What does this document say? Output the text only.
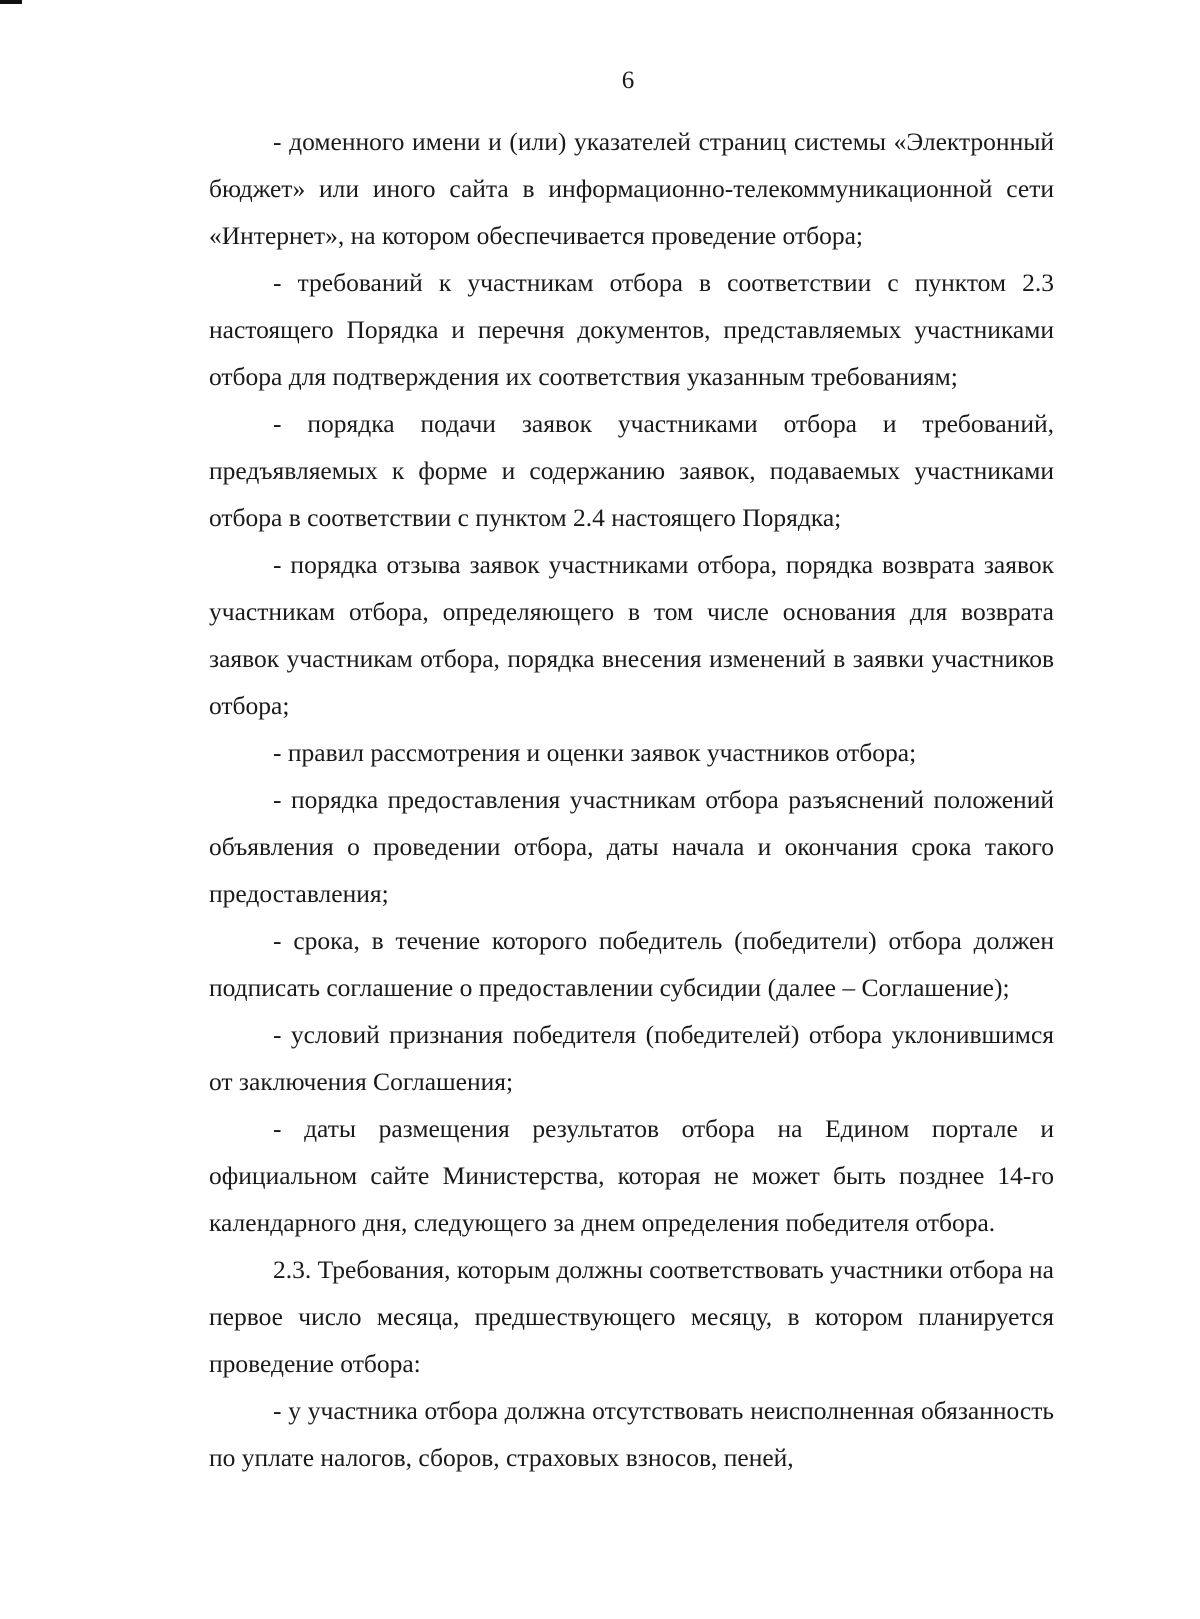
6

- доменного имени и (или) указателей страниц системы «Электронный бюджет» или иного сайта в информационно-телекоммуникационной сети «Интернет», на котором обеспечивается проведение отбора;

- требований к участникам отбора в соответствии с пунктом 2.3 настоящего Порядка и перечня документов, представляемых участниками отбора для подтверждения их соответствия указанным требованиям;

- порядка подачи заявок участниками отбора и требований, предъявляемых к форме и содержанию заявок, подаваемых участниками отбора в соответствии с пунктом 2.4 настоящего Порядка;

- порядка отзыва заявок участниками отбора, порядка возврата заявок участникам отбора, определяющего в том числе основания для возврата заявок участникам отбора, порядка внесения изменений в заявки участников отбора;

- правил рассмотрения и оценки заявок участников отбора;

- порядка предоставления участникам отбора разъяснений положений объявления о проведении отбора, даты начала и окончания срока такого предоставления;

- срока, в течение которого победитель (победители) отбора должен подписать соглашение о предоставлении субсидии (далее – Соглашение);

- условий признания победителя (победителей) отбора уклонившимся от заключения Соглашения;

- даты размещения результатов отбора на Едином портале и официальном сайте Министерства, которая не может быть позднее 14-го календарного дня, следующего за днем определения победителя отбора.

2.3. Требования, которым должны соответствовать участники отбора на первое число месяца, предшествующего месяцу, в котором планируется проведение отбора:

- у участника отбора должна отсутствовать неисполненная обязанность по уплате налогов, сборов, страховых взносов, пеней,
